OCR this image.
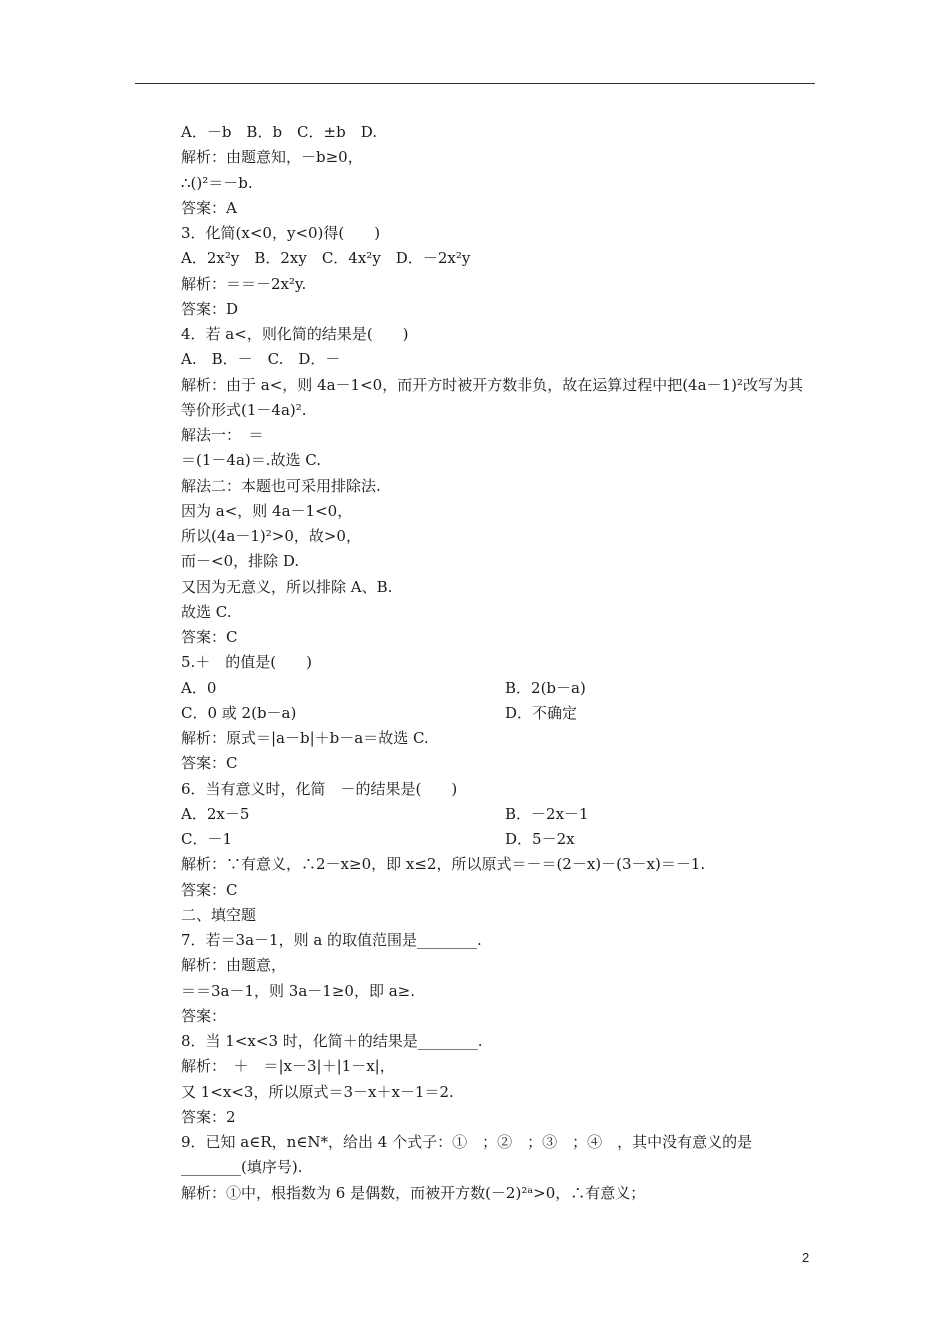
A．－b　B．b　C．±b　D.
解析：由题意知，－b≥0，
∴()²＝－b.
答案：A
3．化简(x<0，y<0)得(　　)
A．2x²y　B．2xy　C．4x²y　D．－2x²y
解析：＝＝－2x²y.
答案：D
4．若 a<，则化简的结果是(　　)
A.　B．－　C.　D．－
解析：由于 a<，则 4a－1<0，而开方时被开方数非负，故在运算过程中把(4a－1)²改写为其等价形式(1－4a)².
解法一：　＝
＝(1－4a)＝.故选 C.
解法二：本题也可采用排除法.
因为 a<，则 4a－1<0，
所以(4a－1)²>0，故>0，
而－<0，排除 D.
又因为无意义，所以排除 A、B.
故选 C.
答案：C
5.＋　的值是(　　)
A．0	B．2(b－a)
C．0 或 2(b－a)	D．不确定
解析：原式＝|a－b|＋b－a＝故选 C.
答案：C
6．当有意义时，化简　－的结果是(　　)
A．2x－5	B．－2x－1
C．－1	D．5－2x
解析：∵有意义，∴2－x≥0，即 x≤2，所以原式＝－＝(2－x)－(3－x)＝－1.
答案：C
二、填空题
7．若＝3a－1，则 a 的取值范围是________.
解析：由题意，
＝＝3a－1，则 3a－1≥0，即 a≥.
答案：
8．当 1<x<3 时，化简＋的结果是________.
解析：　＋　＝|x－3|＋|1－x|，
又 1<x<3，所以原式＝3－x＋x－1＝2.
答案：2
9．已知 a∈R，n∈N*，给出 4 个式子：①　；②　；③　；④　，其中没有意义的是________(填序号).
解析：①中，根指数为 6 是偶数，而被开方数(－2)²ᵃ>0，∴有意义；
2
